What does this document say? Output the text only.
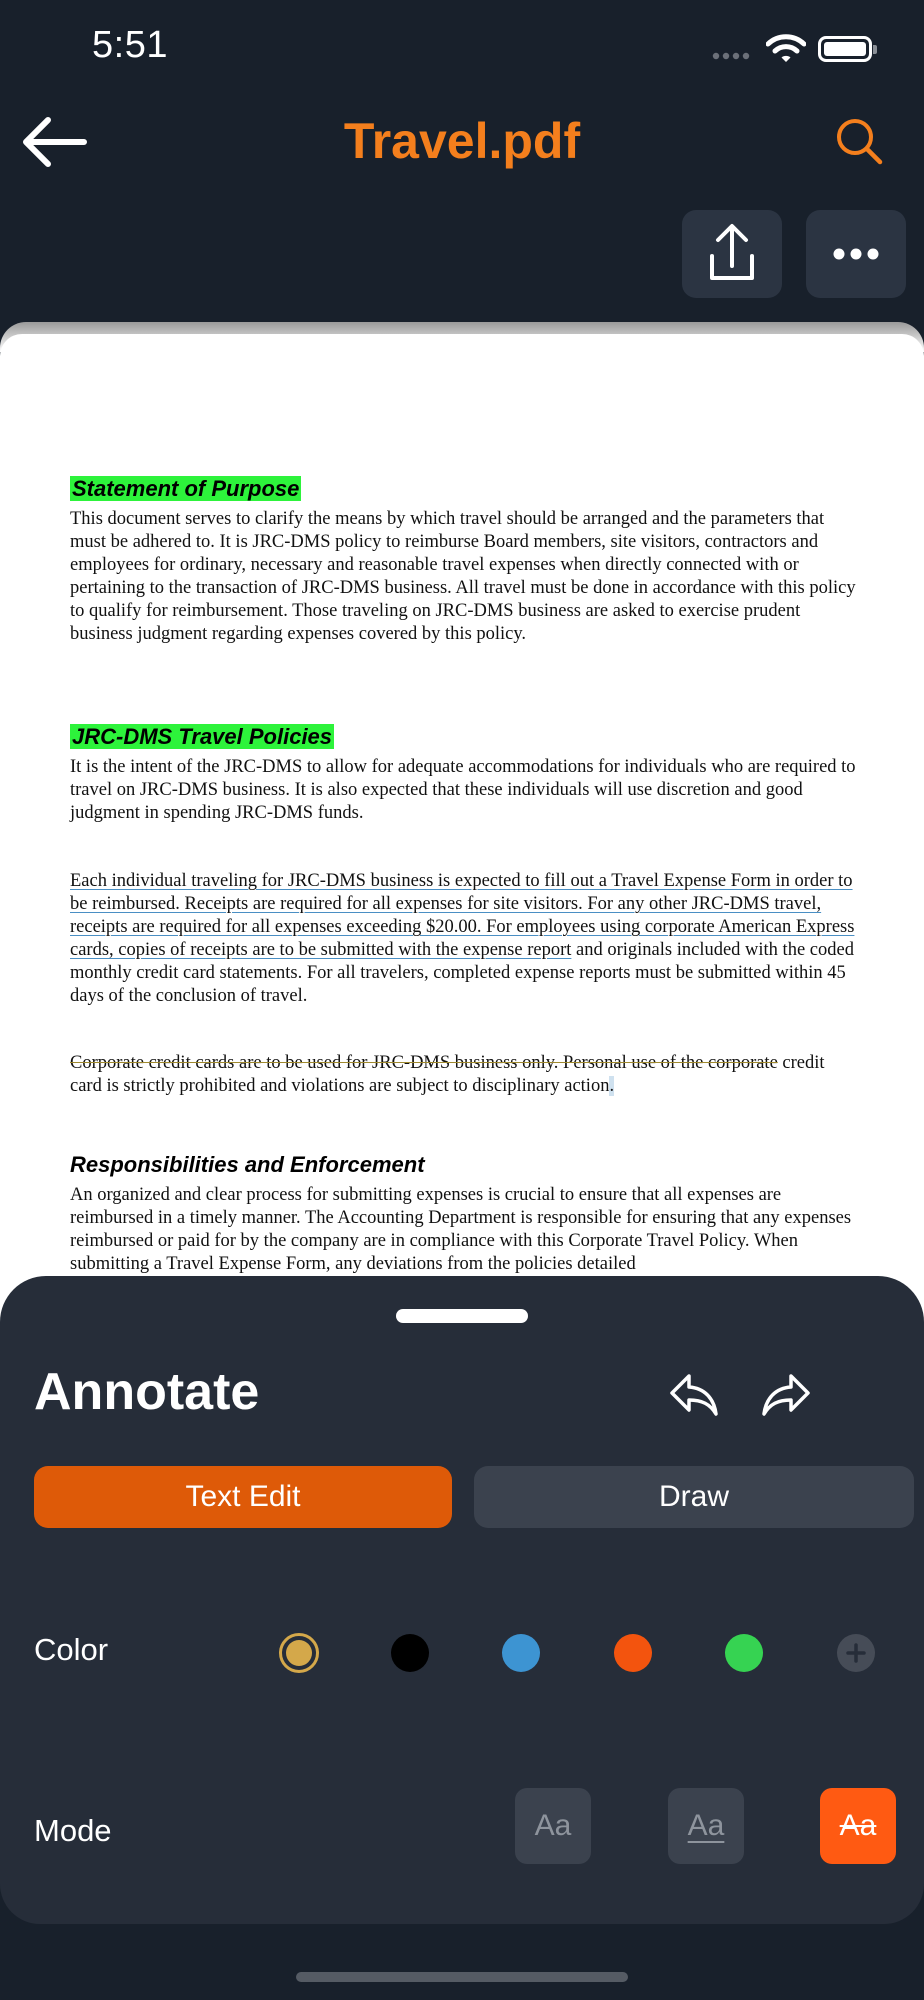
5:51
Travel.pdf
Statement of Purpose

This document serves to clarify the means by which travel should be arranged and the parameters that must be adhered to. It is JRC-DMS policy to reimburse Board members, site visitors, contractors and employees for ordinary, necessary and reasonable travel expenses when directly connected with or pertaining to the transaction of JRC-DMS business. All travel must be done in accordance with this policy to qualify for reimbursement. Those traveling on JRC-DMS business are asked to exercise prudent business judgment regarding expenses covered by this policy.

JRC-DMS Travel Policies

It is the intent of the JRC-DMS to allow for adequate accommodations for individuals who are required to travel on JRC-DMS business. It is also expected that these individuals will use discretion and good judgment in spending JRC-DMS funds.

Each individual traveling for JRC-DMS business is expected to fill out a Travel Expense Form in order to be reimbursed. Receipts are required for all expenses for site visitors. For any other JRC-DMS travel, receipts are required for all expenses exceeding $20.00. For employees using corporate American Express cards, copies of receipts are to be submitted with the expense report and originals included with the coded monthly credit card statements. For all travelers, completed expense reports must be submitted within 45 days of the conclusion of travel.

Corporate credit cards are to be used for JRC-DMS business only. Personal use of the corporate credit card is strictly prohibited and violations are subject to disciplinary action.

Responsibilities and Enforcement

An organized and clear process for submitting expenses is crucial to ensure that all expenses are reimbursed in a timely manner. The Accounting Department is responsible for ensuring that any expenses reimbursed or paid for by the company are in compliance with this Corporate Travel Policy. When submitting a Travel Expense Form, any deviations from the policies detailed

Annotate
Text Edit	Draw
Color
Mode	Aa	Aa	Aa
